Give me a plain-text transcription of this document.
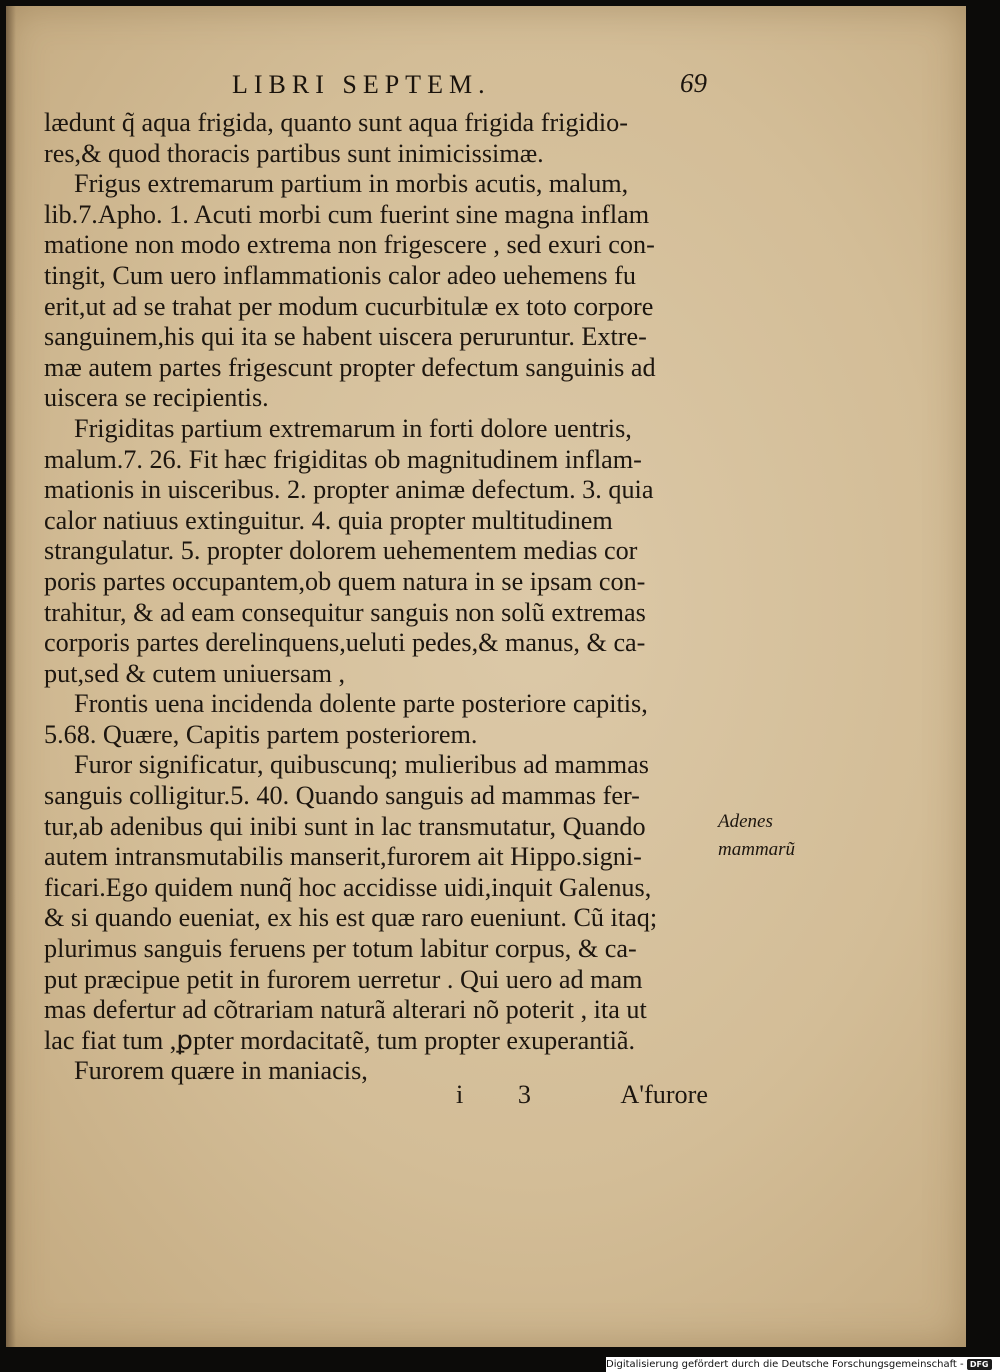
LIBRI SEPTEM.	69
lædunt q̃ aqua frigida, quanto sunt aqua frigida frigidio-
res,& quod thoracis partibus sunt inimicissimæ.
Frigus extremarum partium in morbis acutis, malum,
lib.7.Apho. 1. Acuti morbi cum fuerint sine magna inflam
matione non modo extrema non frigescere , sed exuri con-
tingit, Cum uero inflammationis calor adeo uehemens fu
erit,ut ad se trahat per modum cucurbitulæ ex toto corpore
sanguinem,his qui ita se habent uiscera peruruntur. Extre-
mæ autem partes frigescunt propter defectum sanguinis ad
uiscera se recipientis.
Frigiditas partium extremarum in forti dolore uentris,
malum.7. 26. Fit hæc frigiditas ob magnitudinem inflam-
mationis in uisceribus. 2. propter animæ defectum. 3. quia
calor natiuus extinguitur. 4. quia propter multitudinem
strangulatur. 5. propter dolorem uehementem medias cor
poris partes occupantem,ob quem natura in se ipsam con-
trahitur, & ad eam consequitur sanguis non solũ extremas
corporis partes derelinquens,ueluti pedes,& manus, & ca-
put,sed & cutem uniuersam ,
Frontis uena incidenda dolente parte posteriore capitis,
5.68. Quære, Capitis partem posteriorem.
Furor significatur, quibuscunq; mulieribus ad mammas
sanguis colligitur.5. 40. Quando sanguis ad mammas fer-
tur,ab adenibus qui inibi sunt in lac transmutatur, Quando
autem intransmutabilis manserit,furorem ait Hippo.signi-
ficari.Ego quidem nunq̃ hoc accidisse uidi,inquit Galenus,
& si quando eueniat, ex his est quæ raro eueniunt. Cũ itaq;
plurimus sanguis feruens per totum labitur corpus, & ca-
put præcipue petit in furorem uerretur . Qui uero ad mam
mas defertur ad cõtrariam naturã alterari nõ poterit , ita ut
lac fiat tum ,ꝑpter mordacitatẽ, tum propter exuperantiã.
Furorem quære in maniacis,
i 3 A'furore
Adenes
mammarũ
Digitalisierung gefördert durch die Deutsche Forschungsgemeinschaft - DFG
